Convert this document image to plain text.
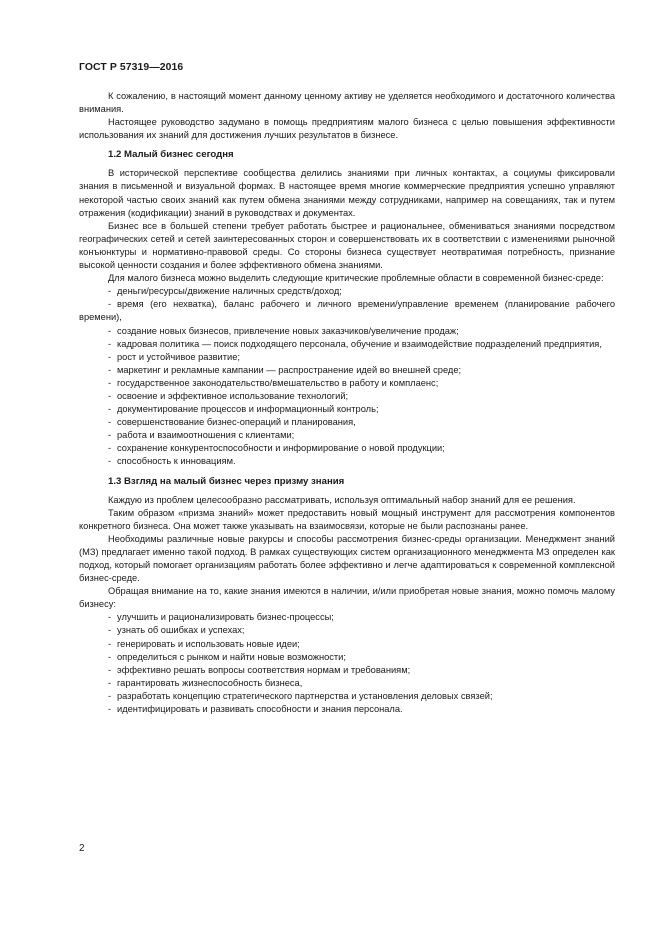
ГОСТ Р 57319—2016

К сожалению, в настоящий момент данному ценному активу не уделяется необходимого и достаточного количества внимания.

Настоящее руководство задумано в помощь предприятиям малого бизнеса с целью повышения эффективности использования их знаний для достижения лучших результатов в бизнесе.

1.2 Малый бизнес сегодня

В исторической перспективе сообщества делились знаниями при личных контактах, а социумы фиксировали знания в письменной и визуальной формах. В настоящее время многие коммерческие предприятия успешно управляют некоторой частью своих знаний как путем обмена знаниями между сотрудниками, например на совещаниях, так и путем отражения (кодификации) знаний в руководствах и документах.

Бизнес все в большей степени требует работать быстрее и рациональнее, обмениваться знаниями посредством географических сетей и сетей заинтересованных сторон и совершенствовать их в соответствии с изменениями рыночной конъюнктуры и нормативно-правовой среды. Со стороны бизнеса существует неотвратимая потребность, признание высокой ценности создания и более эффективного обмена знаниями.

Для малого бизнеса можно выделить следующие критические проблемные области в современной бизнес-среде:

- деньги/ресурсы/движение наличных средств/доход;
- время (его нехватка), баланс рабочего и личного времени/управление временем (планирование рабочего времени),
- создание новых бизнесов, привлечение новых заказчиков/увеличение продаж;
- кадровая политика — поиск подходящего персонала, обучение и взаимодействие подразделений предприятия,
- рост и устойчивое развитие;
- маркетинг и рекламные кампании — распространение идей во внешней среде;
- государственное законодательство/вмешательство в работу и комплаенс;
- освоение и эффективное использование технологий;
- документирование процессов и информационный контроль;
- совершенствование бизнес-операций и планирования,
- работа и взаимоотношения с клиентами;
- сохранение конкурентоспособности и информирование о новой продукции;
- способность к инновациям.
1.3 Взгляд на малый бизнес через призму знания

Каждую из проблем целесообразно рассматривать, используя оптимальный набор знаний для ее решения.

Таким образом «призма знаний» может предоставить новый мощный инструмент для рассмотрения компонентов конкретного бизнеса. Она может также указывать на взаимосвязи, которые не были распознаны ранее.

Необходимы различные новые ракурсы и способы рассмотрения бизнес-среды организации. Менеджмент знаний (МЗ) предлагает именно такой подход. В рамках существующих систем организационного менеджмента МЗ определен как подход, который помогает организациям работать более эффективно и легче адаптироваться к современной комплексной бизнес-среде.

Обращая внимание на то, какие знания имеются в наличии, и/или приобретая новые знания, можно помочь малому бизнесу:

- улучшить и рационализировать бизнес-процессы;
- узнать об ошибках и успехах;
- генерировать и использовать новые идеи;
- определиться с рынком и найти новые возможности;
- эффективно решать вопросы соответствия нормам и требованиям;
- гарантировать жизнеспособность бизнеса,
- разработать концепцию стратегического партнерства и установления деловых связей;
- идентифицировать и развивать способности и знания персонала.
2
